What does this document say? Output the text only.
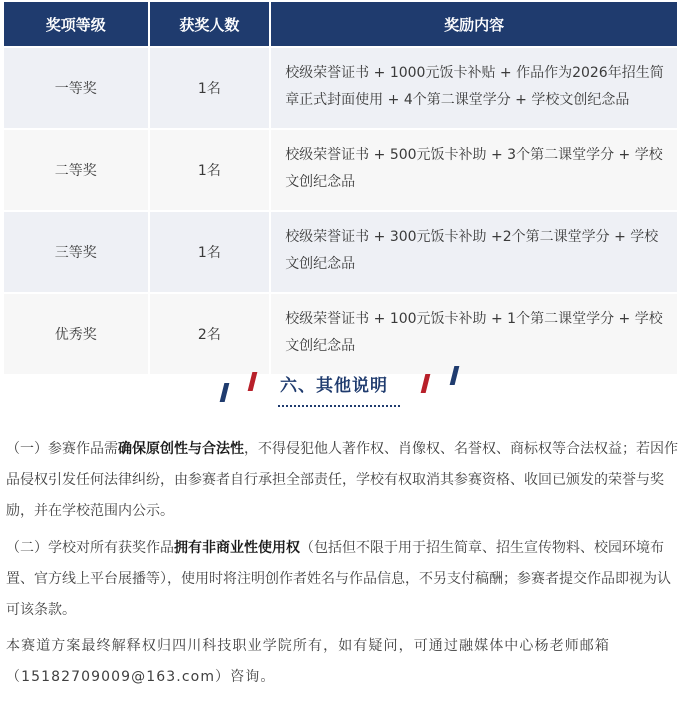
奖项等级	获奖人数	奖励内容
一等奖	1名	校级荣誉证书 + 1000元饭卡补贴 + 作品作为2026年招生简章正式封面使用 + 4个第二课堂学分 + 学校文创纪念品
二等奖	1名	校级荣誉证书 + 500元饭卡补助 + 3个第二课堂学分 + 学校文创纪念品
三等奖	1名	校级荣誉证书 + 300元饭卡补助 +2个第二课堂学分 + 学校文创纪念品
优秀奖	2名	校级荣誉证书 + 100元饭卡补助 + 1个第二课堂学分 + 学校文创纪念品
六、其他说明

（一）参赛作品需确保原创性与合法性，不得侵犯他人著作权、肖像权、名誉权、商标权等合法权益；若因作品侵权引发任何法律纠纷，由参赛者自行承担全部责任，学校有权取消其参赛资格、收回已颁发的荣誉与奖励，并在学校范围内公示。

（二）学校对所有获奖作品拥有非商业性使用权（包括但不限于用于招生简章、招生宣传物料、校园环境布置、官方线上平台展播等），使用时将注明创作者姓名与作品信息，不另支付稿酬；参赛者提交作品即视为认可该条款。

本赛道方案最终解释权归四川科技职业学院所有，如有疑问，可通过融媒体中心杨老师邮箱（15182709009@163.com）咨询。
